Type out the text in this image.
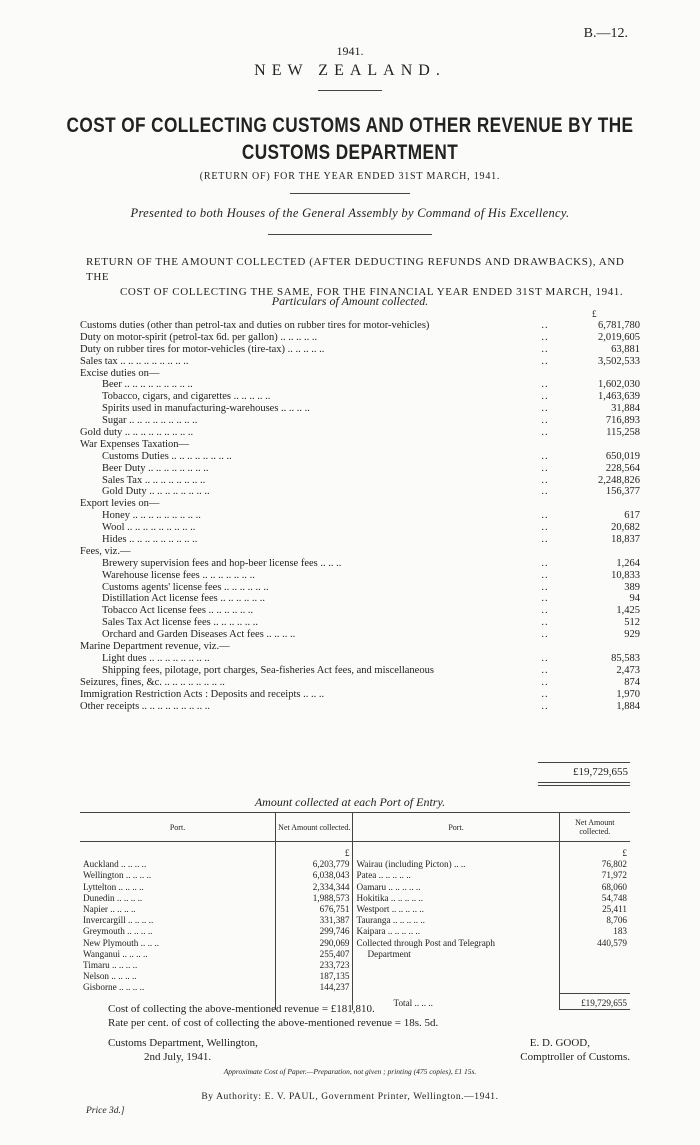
B.—12.
1941.
NEW ZEALAND.
COST OF COLLECTING CUSTOMS AND OTHER REVENUE BY THE
CUSTOMS DEPARTMENT
(RETURN OF) FOR THE YEAR ENDED 31ST MARCH, 1941.
Presented to both Houses of the General Assembly by Command of His Excellency.
RETURN OF THE AMOUNT COLLECTED (AFTER DEDUCTING REFUNDS AND DRAWBACKS), AND THE
COST OF COLLECTING THE SAME, FOR THE FINANCIAL YEAR ENDED 31ST MARCH, 1941.
Particulars of Amount collected.
£
Customs duties (other than petrol-tax and duties on rubber tires for motor-vehicles)	..	6,781,780
Duty on motor-spirit (petrol-tax 6d. per gallon) .. .. .. .. ..	..	2,019,605
Duty on rubber tires for motor-vehicles (tire-tax) .. .. .. .. ..	..	63,881
Sales tax .. .. .. .. .. .. .. .. ..	..	3,502,533
Excise duties on—
Beer .. .. .. .. .. .. .. .. ..	..	1,602,030
Tobacco, cigars, and cigarettes .. .. .. .. ..	..	1,463,639
Spirits used in manufacturing-warehouses .. .. .. ..	..	31,884
Sugar .. .. .. .. .. .. .. .. ..	..	716,893
Gold duty .. .. .. .. .. .. .. .. ..	..	115,258
War Expenses Taxation—
Customs Duties .. .. .. .. .. .. .. ..	..	650,019
Beer Duty .. .. .. .. .. .. .. ..	..	228,564
Sales Tax .. .. .. .. .. .. .. ..	..	2,248,826
Gold Duty .. .. .. .. .. .. .. ..	..	156,377
Export levies on—
Honey .. .. .. .. .. .. .. .. ..	..	617
Wool .. .. .. .. .. .. .. .. ..	..	20,682
Hides .. .. .. .. .. .. .. .. ..	..	18,837
Fees, viz.—
Brewery supervision fees and hop-beer license fees .. .. ..	..	1,264
Warehouse license fees .. .. .. .. .. .. ..	..	10,833
Customs agents' license fees .. .. .. .. .. ..	..	389
Distillation Act license fees .. .. .. .. .. ..	..	94
Tobacco Act license fees .. .. .. .. .. ..	..	1,425
Sales Tax Act license fees .. .. .. .. .. ..	..	512
Orchard and Garden Diseases Act fees .. .. .. ..	..	929
Marine Department revenue, viz.—
Light dues .. .. .. .. .. .. .. ..	..	85,583
Shipping fees, pilotage, port charges, Sea-fisheries Act fees, and miscellaneous	..	2,473
Seizures, fines, &c. .. .. .. .. .. .. .. ..	..	874
Immigration Restriction Acts : Deposits and receipts .. .. ..	..	1,970
Other receipts .. .. .. .. .. .. .. .. ..	..	1,884
£19,729,655
Amount collected at each Port of Entry.
Port.	Net Amount collected.	Port.	Net Amount collected.
	£		£
Auckland .. .. .. ..	6,203,779	Wairau (including Picton) .. ..	76,802
Wellington .. .. .. ..	6,038,043	Patea .. .. .. .. ..	71,972
Lyttelton .. .. .. ..	2,334,344	Oamaru .. .. .. .. ..	68,060
Dunedin .. .. .. ..	1,988,573	Hokitika .. .. .. .. ..	54,748
Napier .. .. .. ..	676,751	Westport .. .. .. .. ..	25,411
Invercargill .. .. .. ..	331,387	Tauranga .. .. .. .. ..	8,706
Greymouth .. .. .. ..	299,746	Kaipara .. .. .. .. ..	183
New Plymouth .. .. ..	290,069	Collected through Post and Telegraph	440,579
Wanganui .. .. .. ..	255,407	Department	
Timaru .. .. .. ..	233,723		
Nelson .. .. .. ..	187,135		
Gisborne .. .. .. ..	144,237		
		Total .. .. ..	£19,729,655
Cost of collecting the above-mentioned revenue = £181,810.
Rate per cent. of cost of collecting the above-mentioned revenue = 18s. 5d.
Customs Department, Wellington,
2nd July, 1941.
E. D. GOOD,
Comptroller of Customs.
Approximate Cost of Paper.—Preparation, not given ; printing (475 copies), £1 15s.
By Authority: E. V. PAUL, Government Printer, Wellington.—1941.
Price 3d.]
